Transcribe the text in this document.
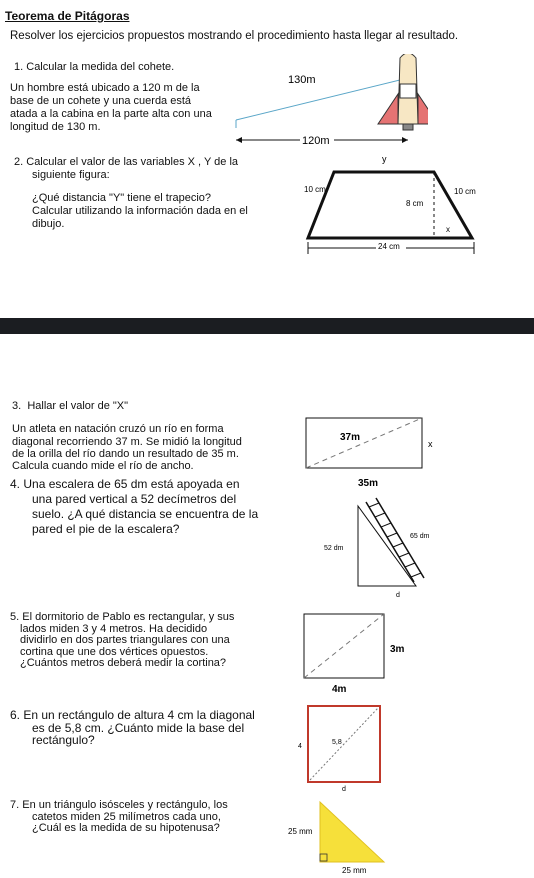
Teorema de Pitágoras
Resolver los ejercicios propuestos mostrando el procedimiento hasta llegar al resultado.
1. Calcular la medida del cohete.
Un hombre está ubicado a 120 m de la
base de un cohete y una cuerda está
atada a la cabina en la parte alta con una
longitud de 130 m.
130m
120m
2. Calcular el valor de las variables X , Y de la
siguiente figura:
¿Qué distancia "Y" tiene el trapecio?
Calcular utilizando la información dada en el
dibujo.
y
10 cm
8 cm
10 cm
x
24 cm
3. Hallar el valor de "X"
Un atleta en natación cruzó un río en forma
diagonal recorriendo 37 m. Se midió la longitud
de la orilla del río dando un resultado de 35 m.
Calcula cuando mide el río de ancho.
37m
x
35m
4. Una escalera de 65 dm está apoyada en
una pared vertical a 52 decímetros del
suelo. ¿A qué distancia se encuentra de la
pared el pie de la escalera?
52 dm
65 dm
d
5. El dormitorio de Pablo es rectangular, y sus
lados miden 3 y 4 metros. Ha decidido
dividirlo en dos partes triangulares con una
cortina que une dos vértices opuestos.
¿Cuántos metros deberá medir la cortina?
3m
4m
6. En un rectángulo de altura 4 cm la diagonal
es de 5,8 cm. ¿Cuánto mide la base del
rectángulo?	4
5,8
d
7. En un triángulo isósceles y rectángulo, los
catetos miden 25 milímetros cada uno,
¿Cuál es la medida de su hipotenusa?	25 mm
25 mm
